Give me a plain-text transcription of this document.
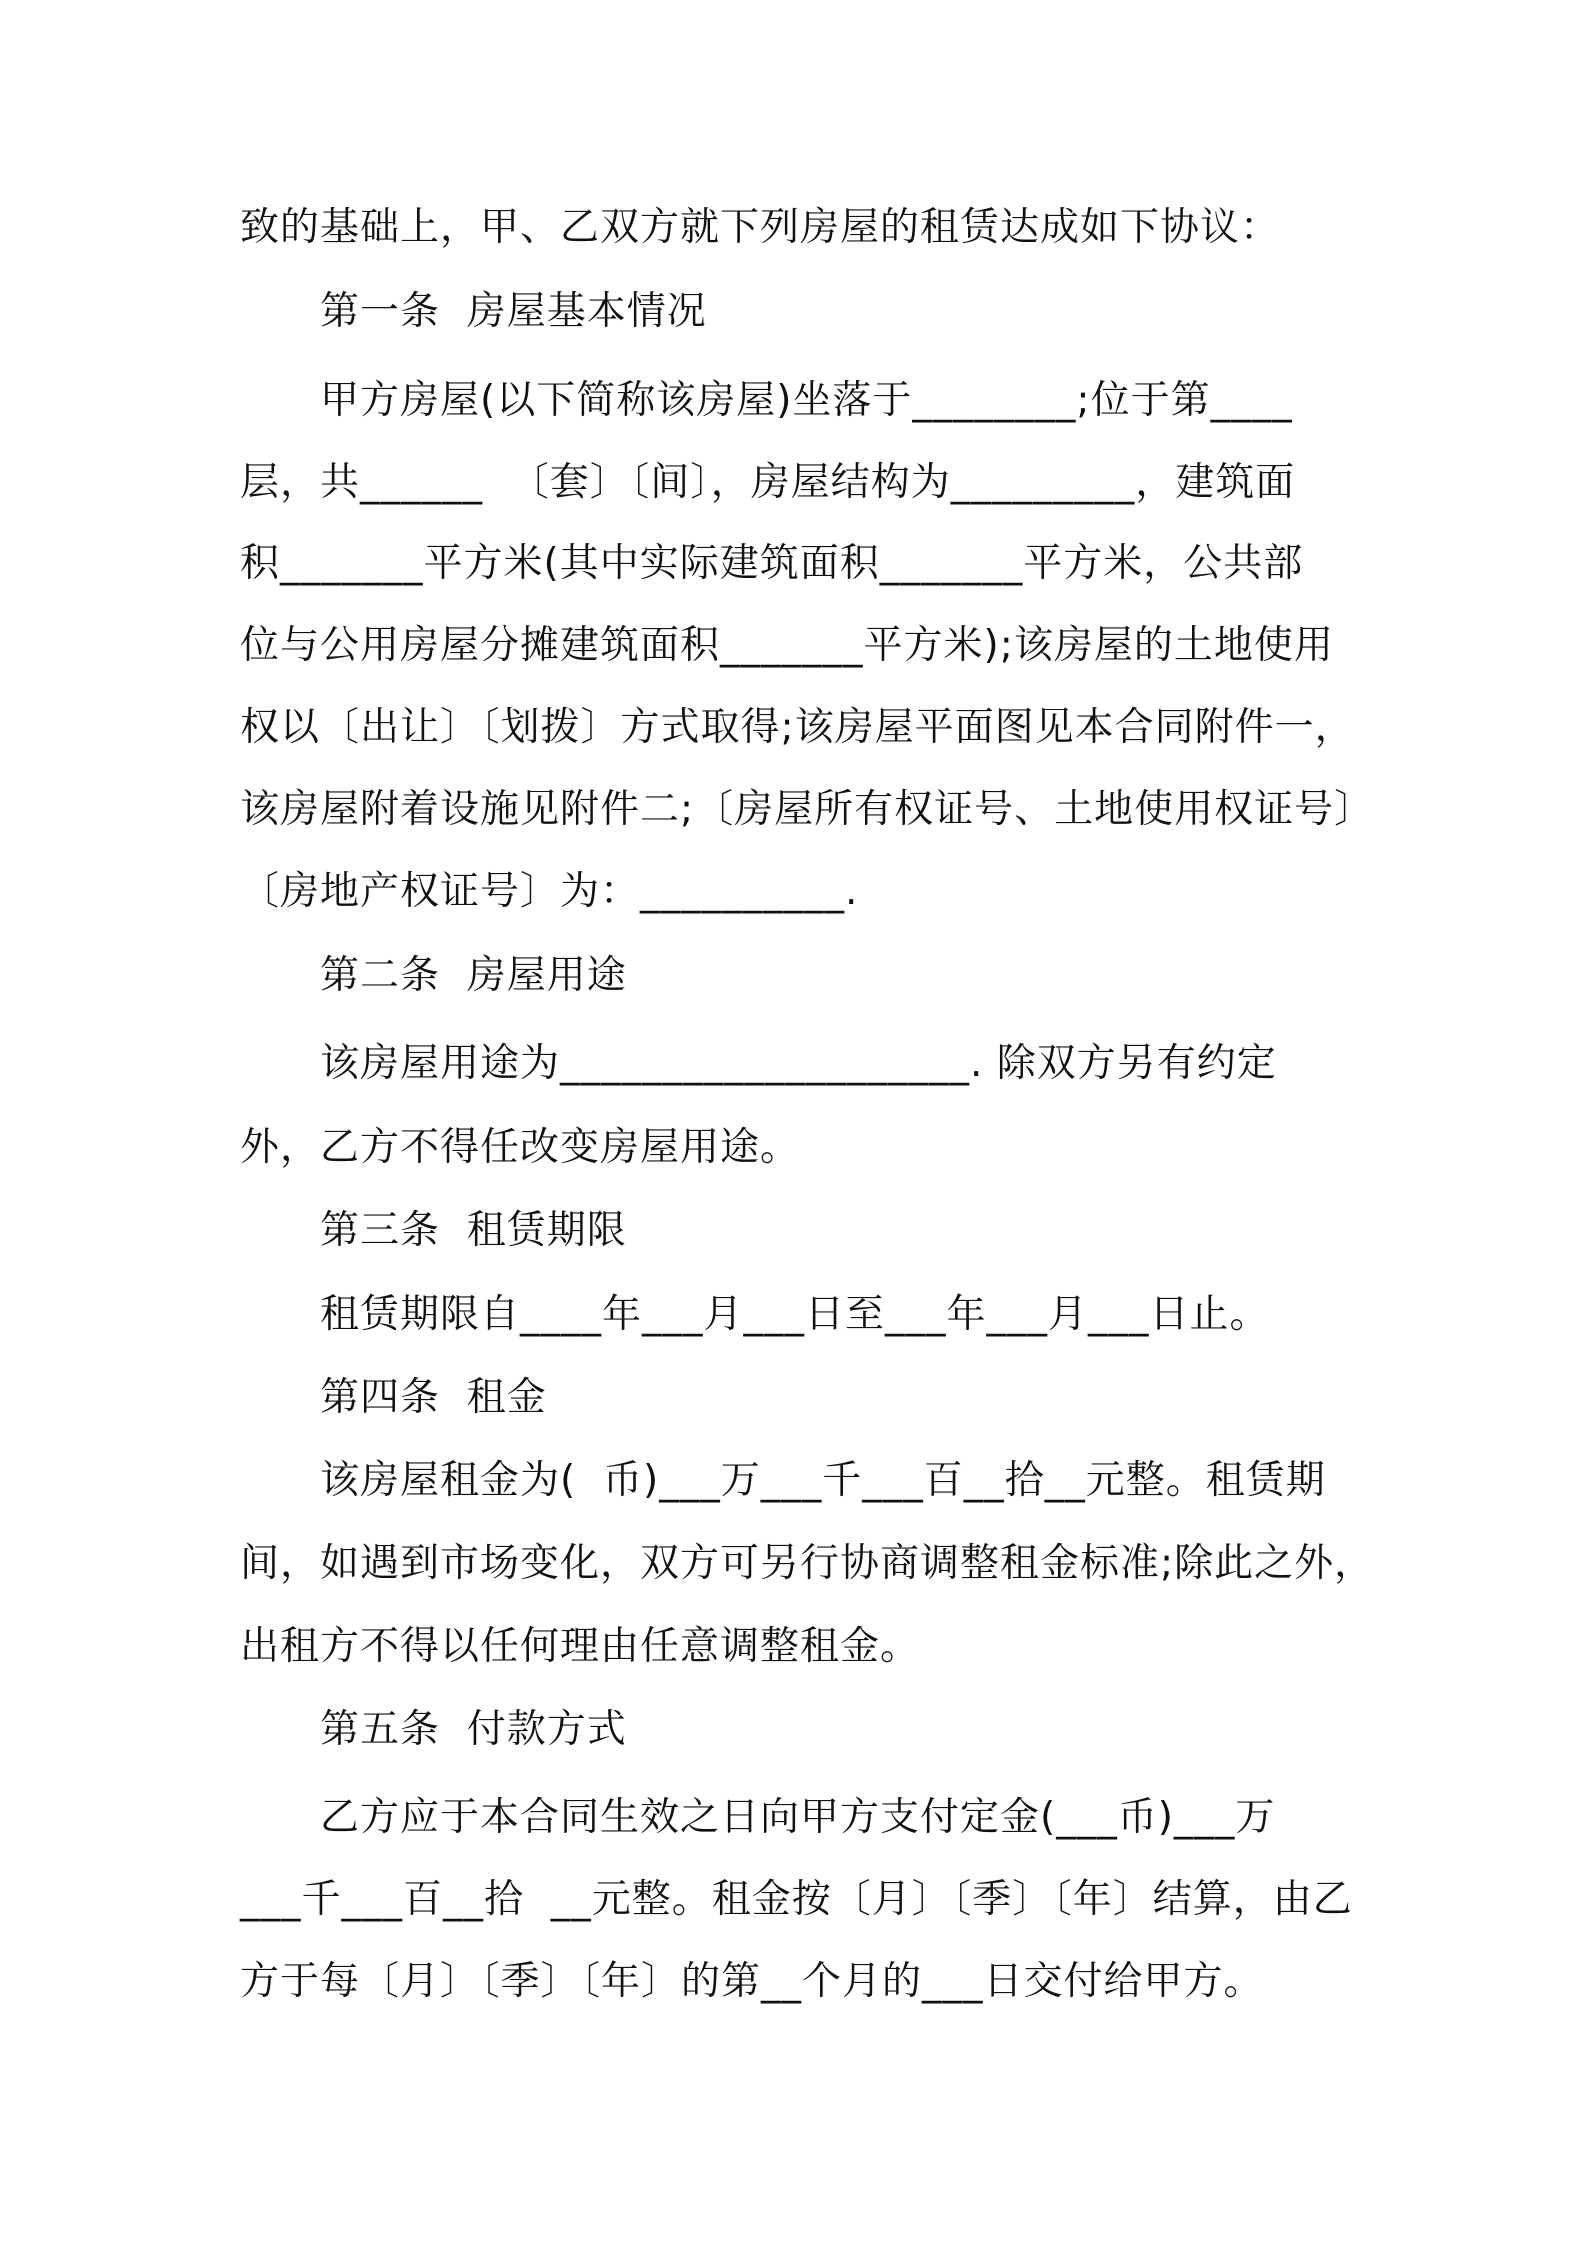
致的基础上，甲、乙双方就下列房屋的租赁达成如下协议：
第一条  房屋基本情况
甲方房屋(以下简称该房屋)坐落于________;位于第____
层，共______  〔套〕〔间〕，房屋结构为_________，建筑面
积_______平方米(其中实际建筑面积_______平方米，公共部
位与公用房屋分摊建筑面积_______平方米);该房屋的土地使用
权以〔出让〕〔划拨〕方式取得;该房屋平面图见本合同附件一，
该房屋附着设施见附件二;〔房屋所有权证号、土地使用权证号〕
〔房地产权证号〕为：__________.
第二条  房屋用途
该房屋用途为____________________. 除双方另有约定
外，乙方不得任改变房屋用途。
第三条  租赁期限
租赁期限自____年___月___日至___年___月___日止。
第四条  租金
该房屋租金为(  币)___万___千___百__拾__元整。租赁期
间，如遇到市场变化，双方可另行协商调整租金标准;除此之外，
出租方不得以任何理由任意调整租金。
第五条  付款方式
乙方应于本合同生效之日向甲方支付定金(___币)___万
___千___百__拾  __元整。租金按〔月〕〔季〕〔年〕结算，由乙
方于每〔月〕〔季〕〔年〕的第__个月的___日交付给甲方。
